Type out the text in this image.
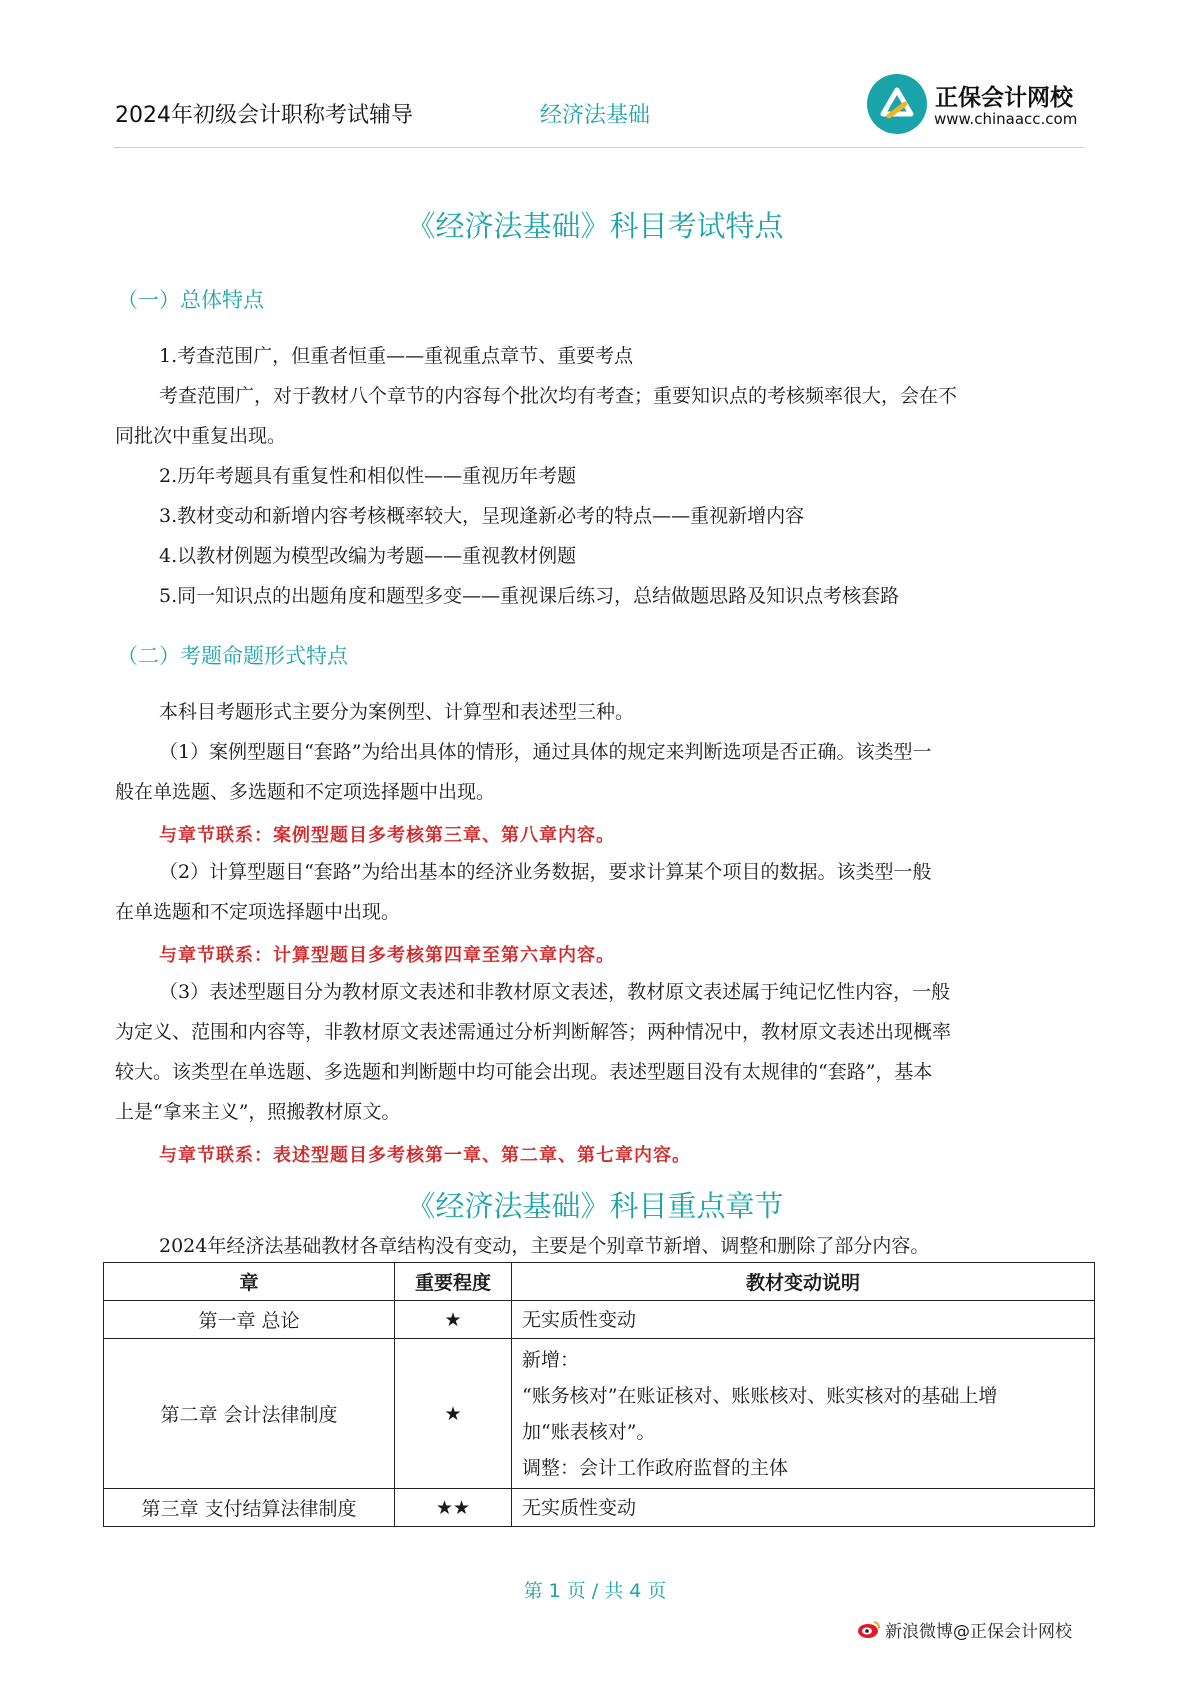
2024年初级会计职称考试辅导	经济法基础
正保会计网校
www.chinaacc.com
《经济法基础》科目考试特点
（一）总体特点
1.考查范围广，但重者恒重——重视重点章节、重要考点
考查范围广，对于教材八个章节的内容每个批次均有考查；重要知识点的考核频率很大，会在不
同批次中重复出现。
2.历年考题具有重复性和相似性——重视历年考题
3.教材变动和新增内容考核概率较大，呈现逢新必考的特点——重视新增内容
4.以教材例题为模型改编为考题——重视教材例题
5.同一知识点的出题角度和题型多变——重视课后练习，总结做题思路及知识点考核套路
（二）考题命题形式特点
本科目考题形式主要分为案例型、计算型和表述型三种。
（1）案例型题目“套路”为给出具体的情形，通过具体的规定来判断选项是否正确。该类型一
般在单选题、多选题和不定项选择题中出现。
与章节联系：案例型题目多考核第三章、第八章内容。
（2）计算型题目“套路”为给出基本的经济业务数据，要求计算某个项目的数据。该类型一般
在单选题和不定项选择题中出现。
与章节联系：计算型题目多考核第四章至第六章内容。
（3）表述型题目分为教材原文表述和非教材原文表述，教材原文表述属于纯记忆性内容，一般
为定义、范围和内容等，非教材原文表述需通过分析判断解答；两种情况中，教材原文表述出现概率
较大。该类型在单选题、多选题和判断题中均可能会出现。表述型题目没有太规律的“套路”，基本
上是“拿来主义”，照搬教材原文。
与章节联系：表述型题目多考核第一章、第二章、第七章内容。
《经济法基础》科目重点章节
2024年经济法基础教材各章结构没有变动，主要是个别章节新增、调整和删除了部分内容。
章	重要程度	教材变动说明
第一章 总论	★	无实质性变动

第二章 会计法律制度	★	新增：
“账务核对”在账证核对、账账核对、账实核对的基础上增
加“账表核对”。
调整：会计工作政府监督的主体

第三章 支付结算法律制度	★★	无实质性变动
第 1 页 / 共 4 页
新浪微博@正保会计网校
